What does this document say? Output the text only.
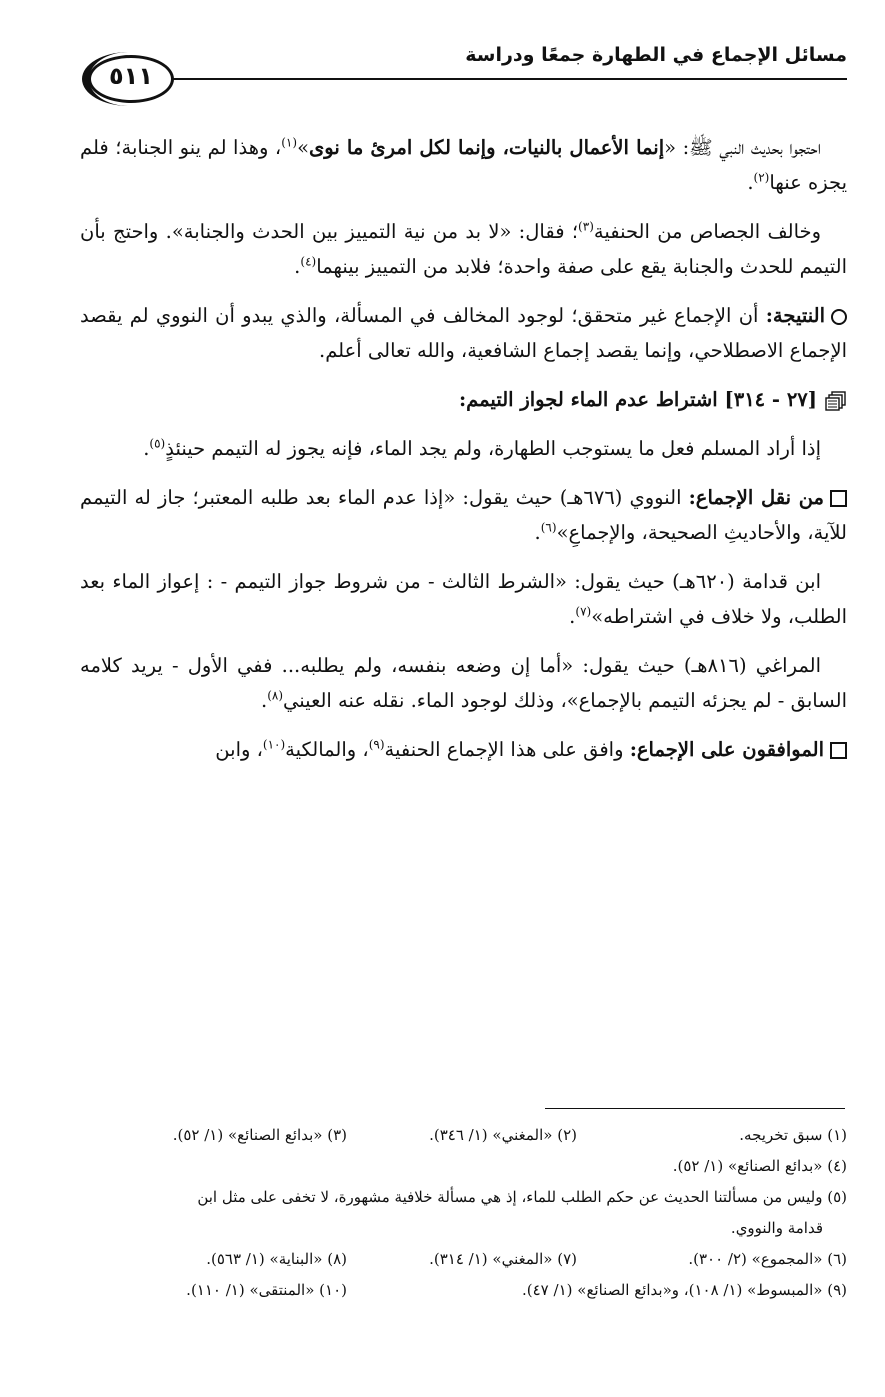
مسائل الإجماع في الطهارة جمعًا ودراسة
٥١١

احتجوا بحديث النبي ﷺ: «إنما الأعمال بالنيات، وإنما لكل امرئ ما نوى»$^{(١)}$، وهذا لم ينو الجنابة؛ فلم يجزه عنها$^{(٢)}$.

وخالف الجصاص من الحنفية$^{(٣)}$؛ فقال: «لا بد من نية التمييز بين الحدث والجنابة». واحتج بأن التيمم للحدث والجنابة يقع على صفة واحدة؛ فلابد من التمييز بينهما$^{(٤)}$.

النتيجة: أن الإجماع غير متحقق؛ لوجود المخالف في المسألة، والذي يبدو أن النووي لم يقصد الإجماع الاصطلاحي، وإنما يقصد إجماع الشافعية، والله تعالى أعلم.

[٢٧ - ٣١٤] اشتراط عدم الماء لجواز التيمم:

إذا أراد المسلم فعل ما يستوجب الطهارة، ولم يجد الماء، فإنه يجوز له التيمم حينئذٍ$^{(٥)}$.

من نقل الإجماع: النووي (٦٧٦هـ) حيث يقول: «إذا عدم الماء بعد طلبه المعتبر؛ جاز له التيمم للآية، والأحاديثِ الصحيحة، والإجماعِ»$^{(٦)}$.

ابن قدامة (٦٢٠هـ) حيث يقول: «الشرط الثالث - من شروط جواز التيمم - : إعواز الماء بعد الطلب، ولا خلاف في اشتراطه»$^{(٧)}$.

المراغي (٨١٦هـ) حيث يقول: «أما إن وضعه بنفسه، ولم يطلبه... ففي الأول - يريد كلامه السابق - لم يجزئه التيمم بالإجماع»، وذلك لوجود الماء. نقله عنه العيني$^{(٨)}$.

الموافقون على الإجماع: وافق على هذا الإجماع الحنفية$^{(٩)}$، والمالكية$^{(١٠)}$، وابن

(١) سبق تخريجه.
(٢) «المغني» (١/ ٣٤٦).
(٣) «بدائع الصنائع» (١/ ٥٢).
(٤) «بدائع الصنائع» (١/ ٥٢).
(٥) وليس من مسألتنا الحديث عن حكم الطلب للماء، إذ هي مسألة خلافية مشهورة، لا تخفى على مثل ابن
قدامة والنووي.
(٦) «المجموع» (٢/ ٣٠٠).
(٧) «المغني» (١/ ٣١٤).
(٨) «البناية» (١/ ٥٦٣).
(٩) «المبسوط» (١/ ١٠٨)، و«بدائع الصنائع» (١/ ٤٧).
(١٠) «المنتقى» (١/ ١١٠).
